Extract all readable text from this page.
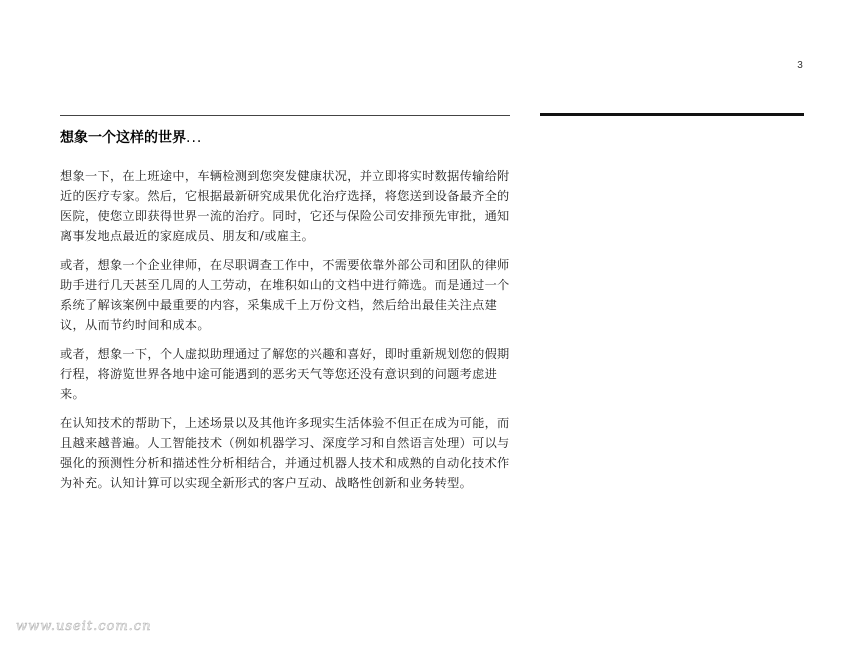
3
想象一个这样的世界...

想象一下，在上班途中，车辆检测到您突发健康状况，并立即将实时数据传输给附近的医疗专家。然后，它根据最新研究成果优化治疗选择，将您送到设备最齐全的医院，使您立即获得世界一流的治疗。同时，它还与保险公司安排预先审批，通知离事发地点最近的家庭成员、朋友和/或雇主。

或者，想象一个企业律师，在尽职调查工作中，不需要依靠外部公司和团队的律师助手进行几天甚至几周的人工劳动，在堆积如山的文档中进行筛选。而是通过一个系统了解该案例中最重要的内容，采集成千上万份文档，然后给出最佳关注点建议，从而节约时间和成本。

或者，想象一下，个人虚拟助理通过了解您的兴趣和喜好，即时重新规划您的假期行程，将游览世界各地中途可能遇到的恶劣天气等您还没有意识到的问题考虑进来。

在认知技术的帮助下，上述场景以及其他许多现实生活体验不但正在成为可能，而且越来越普遍。人工智能技术（例如机器学习、深度学习和自然语言处理）可以与强化的预测性分析和描述性分析相结合，并通过机器人技术和成熟的自动化技术作为补充。认知计算可以实现全新形式的客户互动、战略性创新和业务转型。

www.useit.com.cn
